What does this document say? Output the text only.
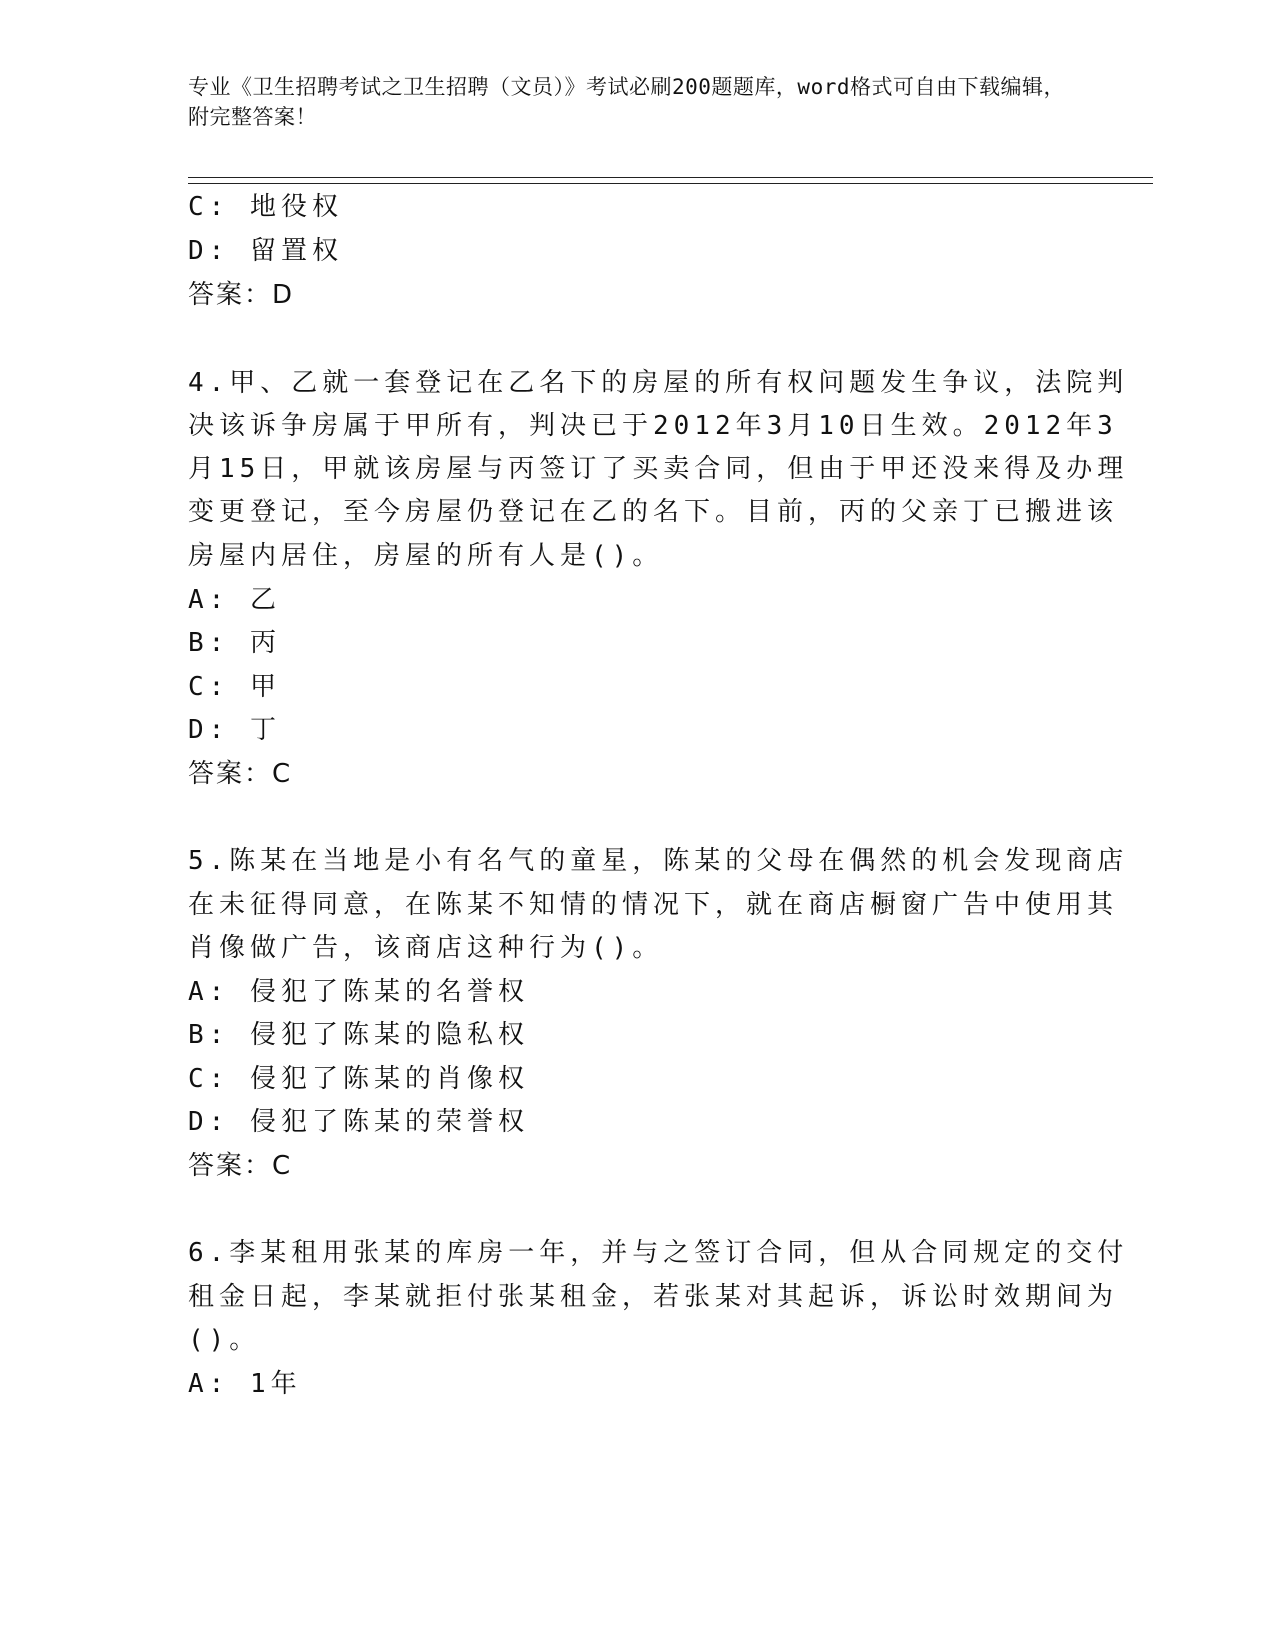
专业《卫生招聘考试之卫生招聘（文员）》考试必刷200题题库，word格式可自由下载编辑，附完整答案！
C: 地役权
D: 留置权
答案：D
4.甲、乙就一套登记在乙名下的房屋的所有权问题发生争议，法院判
决该诉争房属于甲所有，判决已于2012年3月10日生效。2012年3
月15日，甲就该房屋与丙签订了买卖合同，但由于甲还没来得及办理
变更登记，至今房屋仍登记在乙的名下。目前，丙的父亲丁已搬进该
房屋内居住，房屋的所有人是()。
A: 乙
B: 丙
C: 甲
D: 丁
答案：C
5.陈某在当地是小有名气的童星，陈某的父母在偶然的机会发现商店
在未征得同意，在陈某不知情的情况下，就在商店橱窗广告中使用其
肖像做广告，该商店这种行为()。
A: 侵犯了陈某的名誉权
B: 侵犯了陈某的隐私权
C: 侵犯了陈某的肖像权
D: 侵犯了陈某的荣誉权
答案：C
6.李某租用张某的库房一年，并与之签订合同，但从合同规定的交付
租金日起，李某就拒付张某租金，若张某对其起诉，诉讼时效期间为
()。
A: 1年
